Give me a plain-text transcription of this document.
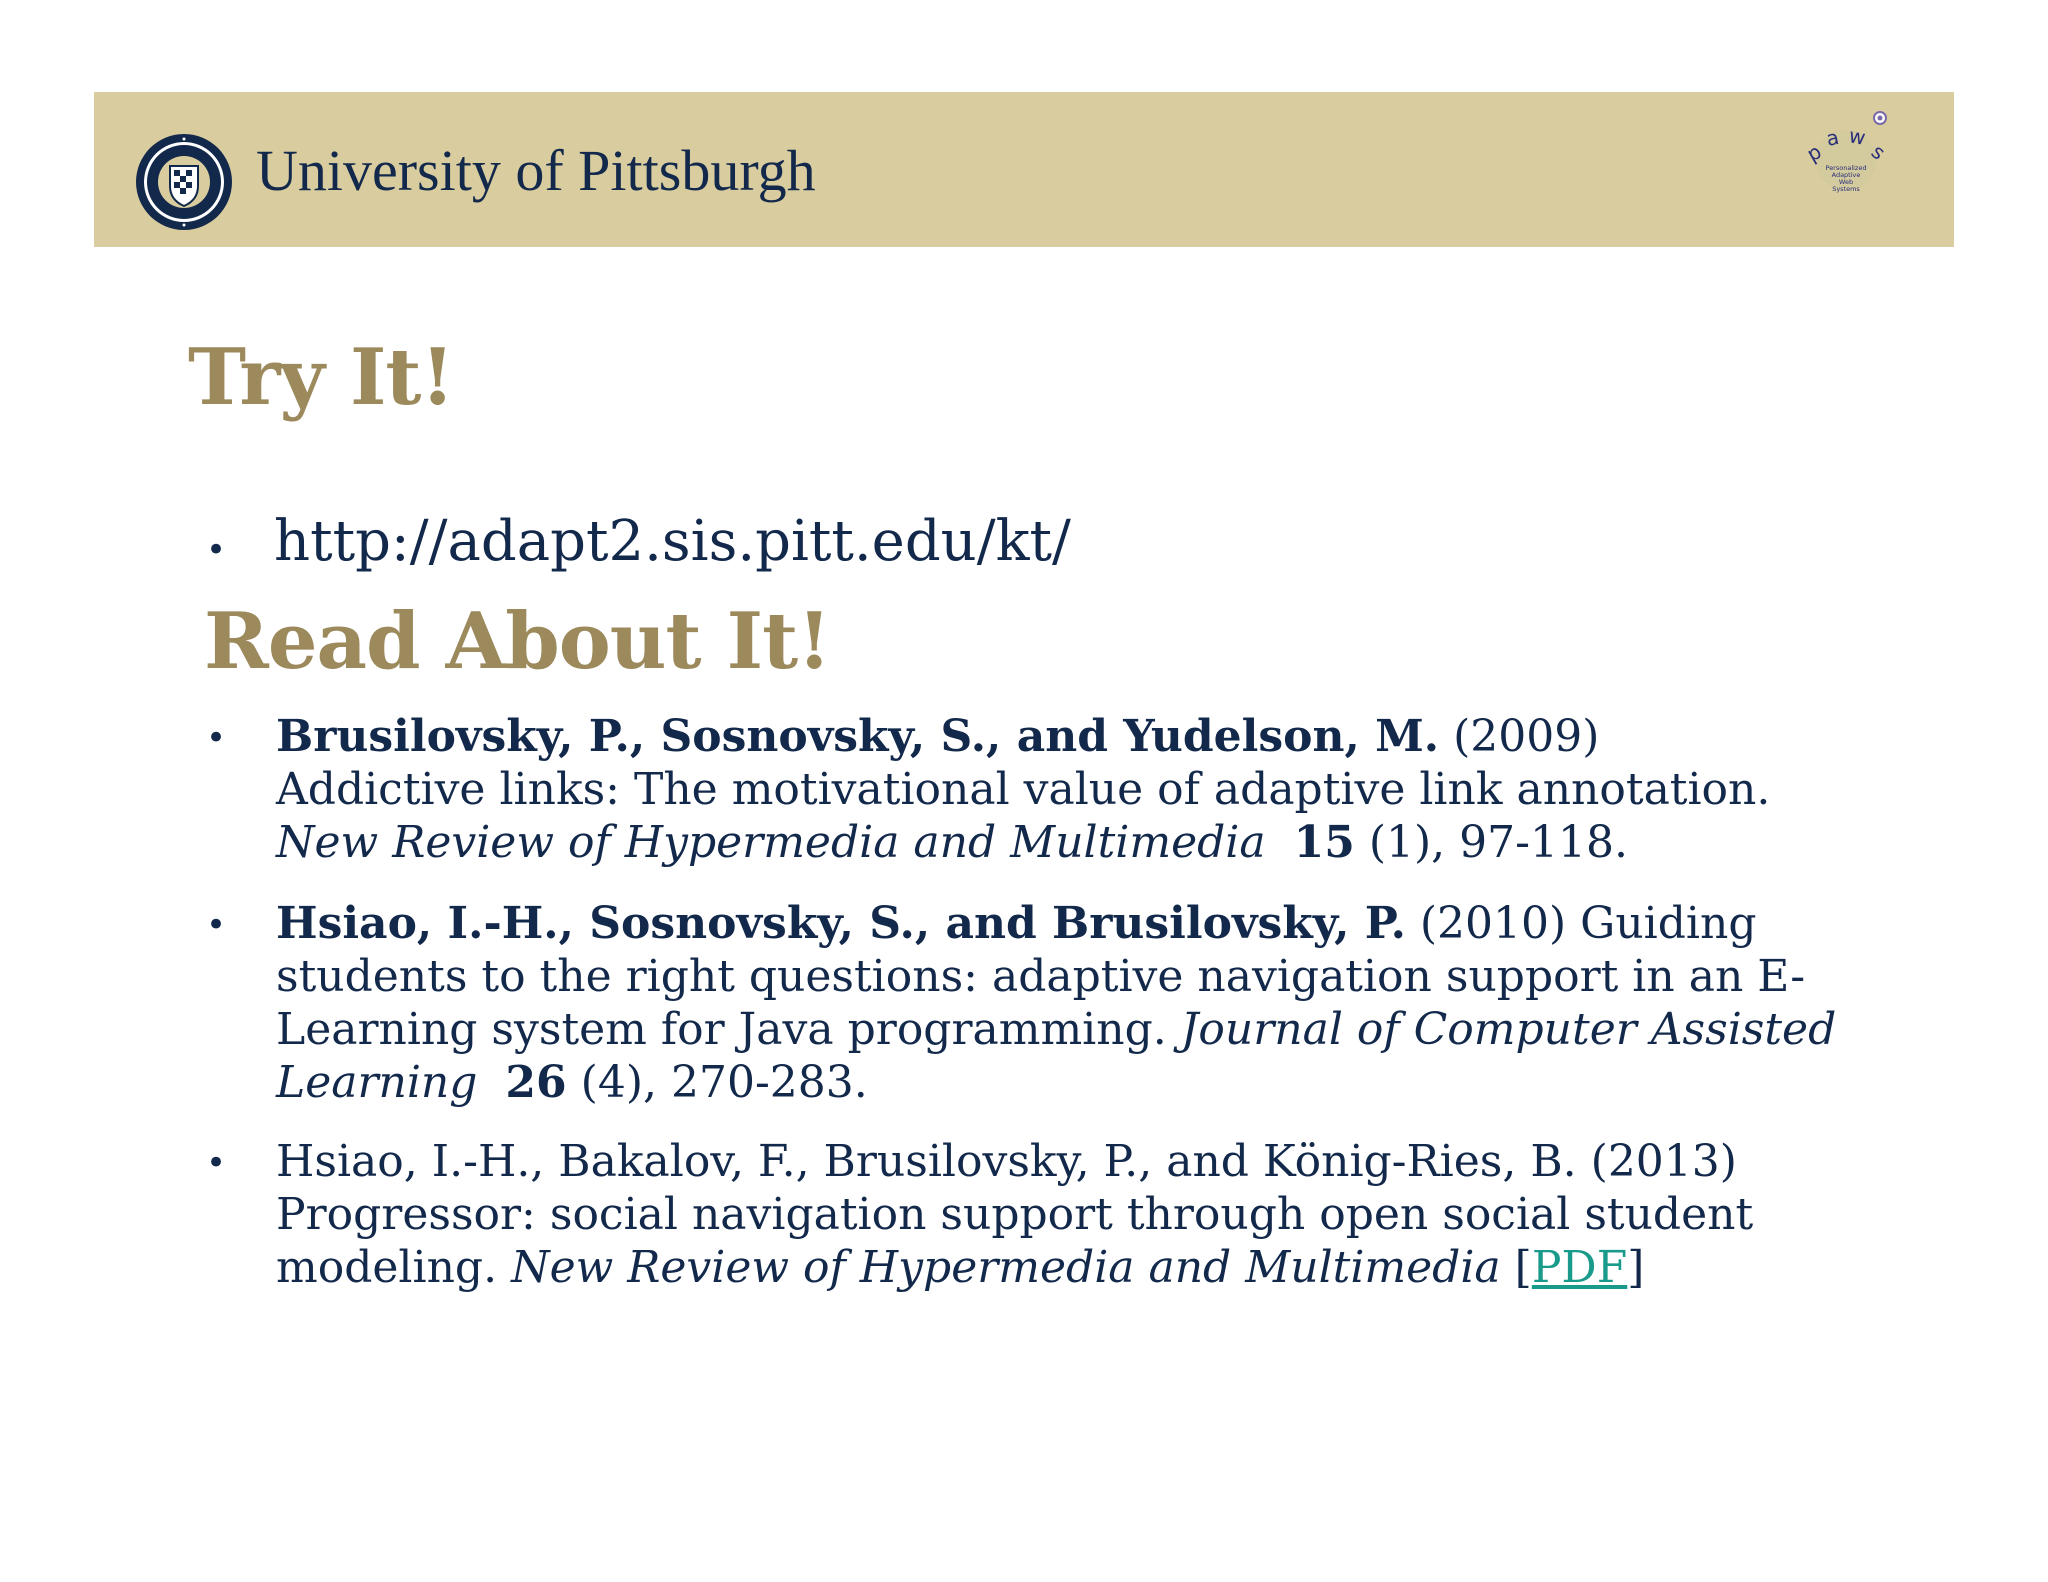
University of Pittsburgh	p
a w
s
Personalized
Adaptive
Web
Systems
Try It!
• http://adapt2.sis.pitt.edu/kt/
Read About It!
• Brusilovsky, P., Sosnovsky, S., and Yudelson, M. (2009)

Addictive links: The motivational value of adaptive link annotation.

New Review of Hypermedia and Multimedia 15 (1), 97-118.

• Hsiao, I.-H., Sosnovsky, S., and Brusilovsky, P. (2010) Guiding

students to the right questions: adaptive navigation support in an E-

Learning system for Java programming. Journal of Computer Assisted

Learning 26 (4), 270-283.

• Hsiao, I.-H., Bakalov, F., Brusilovsky, P., and König-Ries, B. (2013)

Progressor: social navigation support through open social student

modeling. New Review of Hypermedia and Multimedia [PDF]
